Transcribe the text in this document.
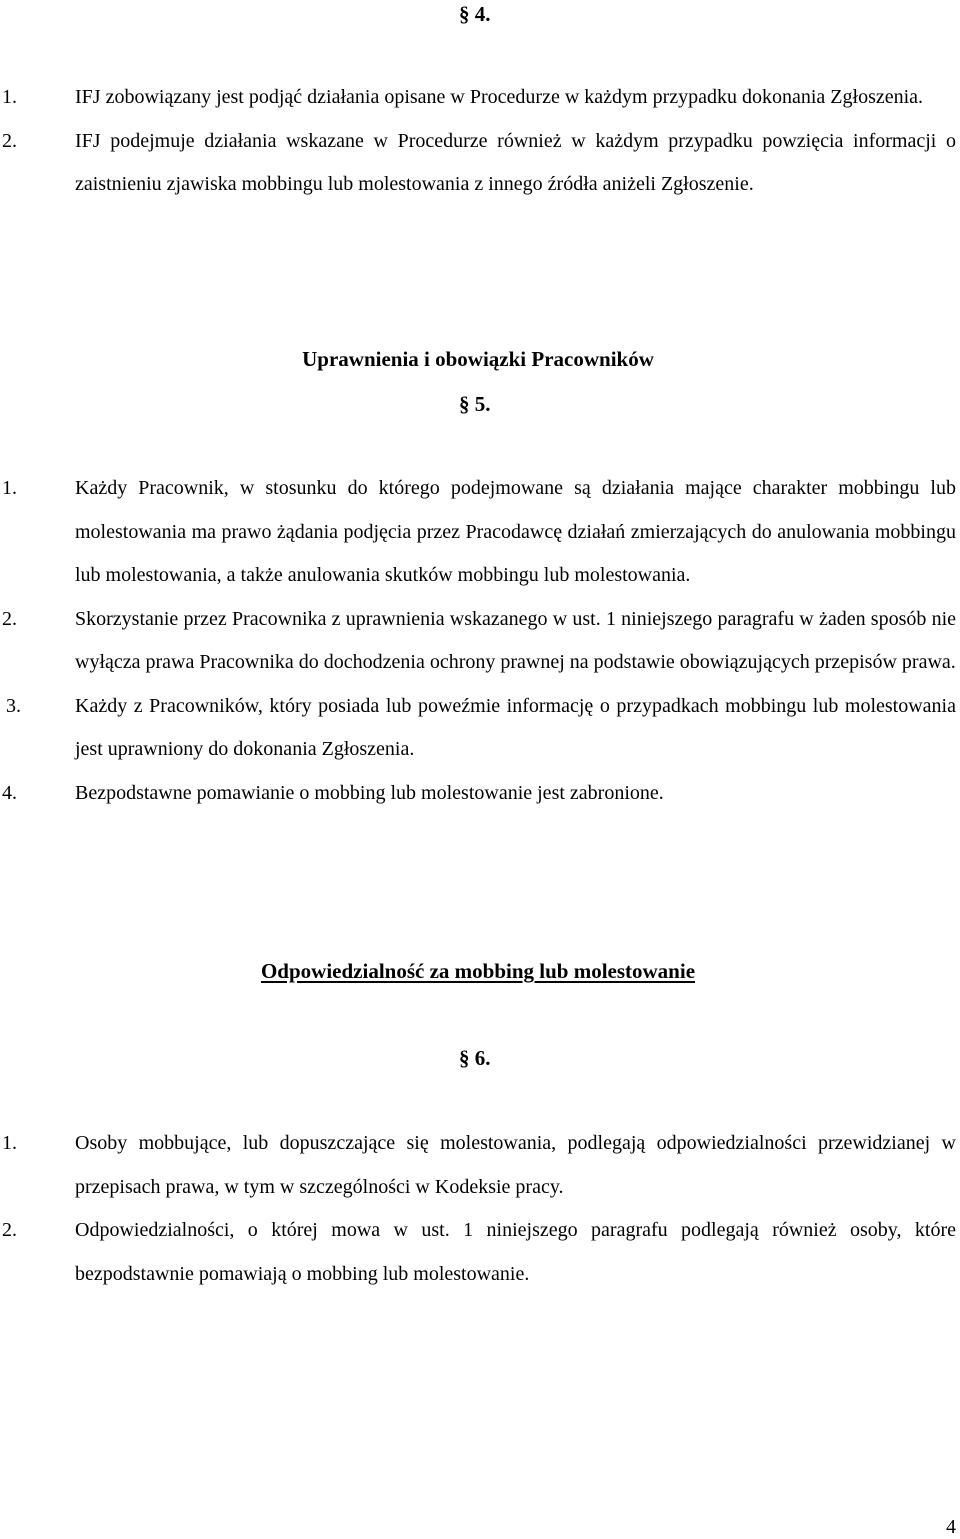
§ 4.
1.	IFJ zobowiązany jest podjąć działania opisane w Procedurze w każdym przypadku dokonania Zgłoszenia.
2.	IFJ podejmuje działania wskazane w Procedurze również w każdym przypadku powzięcia informacji o zaistnieniu zjawiska mobbingu lub molestowania z innego źródła aniżeli Zgłoszenie.
Uprawnienia i obowiązki Pracowników
§ 5.
1.	Każdy Pracownik, w stosunku do którego podejmowane są działania mające charakter mobbingu lub molestowania ma prawo żądania podjęcia przez Pracodawcę działań zmierzających do anulowania mobbingu lub molestowania, a także anulowania skutków mobbingu lub molestowania.
2.	Skorzystanie przez Pracownika z uprawnienia wskazanego w ust. 1 niniejszego paragrafu w żaden sposób nie wyłącza prawa Pracownika do dochodzenia ochrony prawnej na podstawie obowiązujących przepisów prawa.
3.	Każdy z Pracowników, który posiada lub poweźmie informację o przypadkach mobbingu lub molestowania jest uprawniony do dokonania Zgłoszenia.
4.	Bezpodstawne pomawianie o mobbing lub molestowanie jest zabronione.
Odpowiedzialność za mobbing lub molestowanie
§ 6.
1.	Osoby mobbujące, lub dopuszczające się molestowania, podlegają odpowiedzialności przewidzianej w przepisach prawa, w tym w szczególności w Kodeksie pracy.
2.	Odpowiedzialności, o której mowa w ust. 1 niniejszego paragrafu podlegają również osoby, które bezpodstawnie pomawiają o mobbing lub molestowanie.
4
